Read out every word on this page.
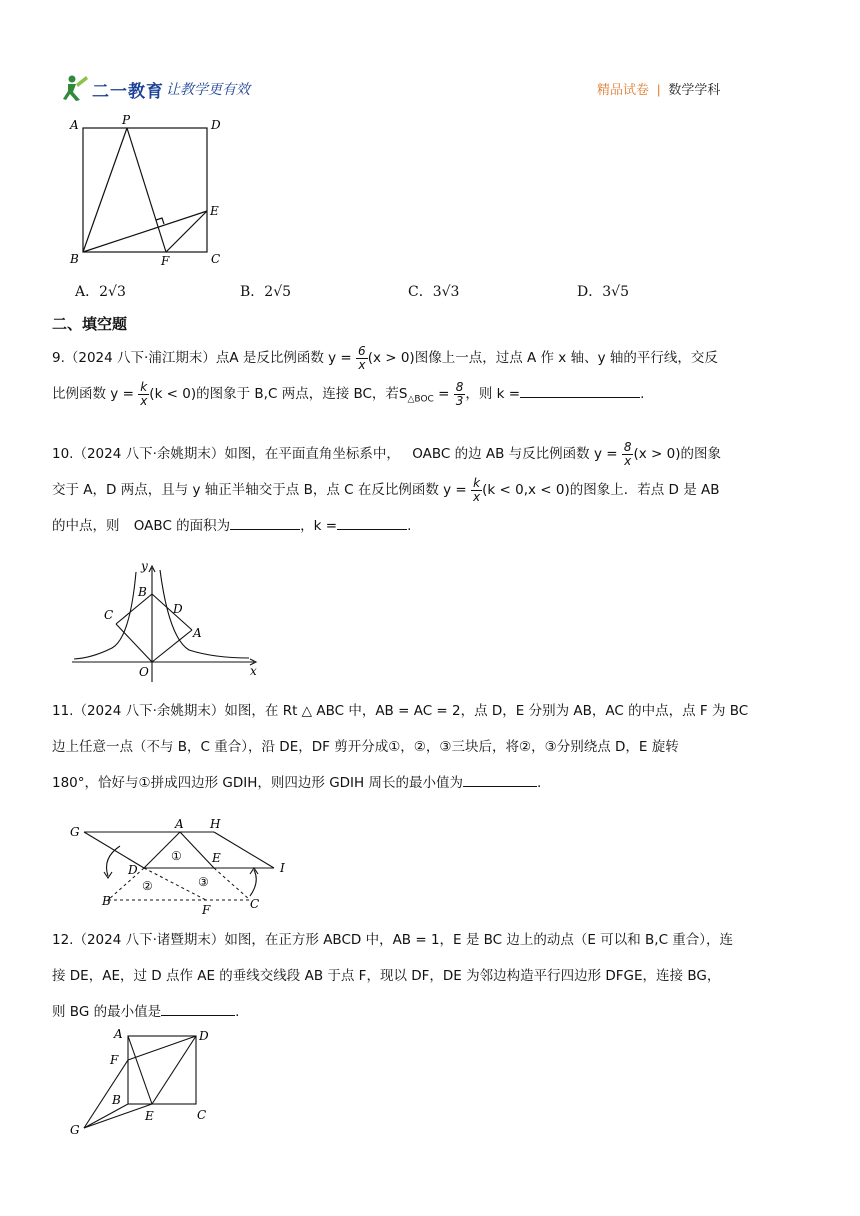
二一教育 让教学更有效	精品试卷 | 数学学科
A	P	D
E
B	F	C
A．2√3	B．2√5	C．3√3	D．3√5
二、填空题
9.（2024 八下·浦江期末）点A 是反比例函数 $y = \frac{6}{x} (x > 0)$图像上一点，过点 A 作 x 轴、y 轴的平行线，交反
比例函数 $y = \frac{k}{x} (k < 0)$的图象于 B,C 两点，连接 BC，若$S_{\triangle BOC} = \frac{8}{3}$ ，则 k =	.
10.（2024 八下·余姚期末）如图，在平面直角坐标系中， OABC 的边 AB 与反比例函数 $y = \frac{8}{x} (x > 0)$的图象
交于 A，D 两点，且与 y 轴正半轴交于点 B，点 C 在反比例函数 $y = \frac{k}{x} (k < 0,x < 0)$的图象上．若点 D 是 AB
的中点，则 OABC 的面积为	，k =	.
y
B
C	D
A
O	x
11.（2024 八下·余姚期末）如图，在 Rt △ ABC 中，AB = AC = 2，点 D，E 分别为 AB，AC 的中点，点 F 为 BC
边上任意一点（不与 B，C 重合），沿 DE，DF 剪开分成①，②，③三块后，将②，③分别绕点 D，E 旋转
180°，恰好与①拼成四边形 GDIH，则四边形 GDIH 周长的最小值为	.
G
A H
①
D
E
I
②	③
B
F	C
12.（2024 八下·诸暨期末）如图，在正方形 ABCD 中，AB = 1，E 是 BC 边上的动点（E 可以和 B,C 重合），连
接 DE，AE，过 D 点作 AE 的垂线交线段 AB 于点 F，现以 DF，DE 为邻边构造平行四边形 DFGE，连接 BG，
则 BG 的最小值是	.
A	D
F
B
E	C
G
